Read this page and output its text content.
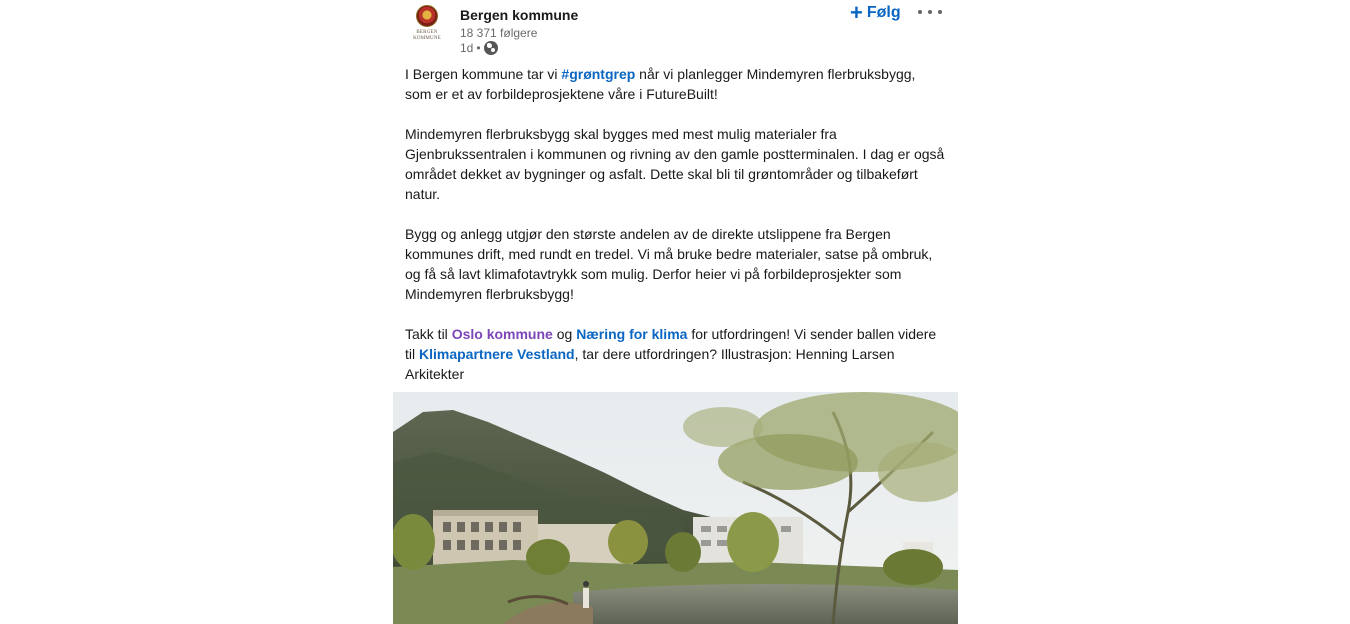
BERGEN
KOMMUNE
Bergen kommune
18 371 følgere
1d •
+ Følg

I Bergen kommune tar vi #grøntgrep når vi planlegger Mindemyren flerbruksbygg, som er et av forbildeprosjektene våre i FutureBuilt!

Mindemyren flerbruksbygg skal bygges med mest mulig materialer fra Gjenbrukssentralen i kommunen og rivning av den gamle postterminalen. I dag er også området dekket av bygninger og asfalt. Dette skal bli til grøntområder og tilbakeført natur.

Bygg og anlegg utgjør den største andelen av de direkte utslippene fra Bergen kommunes drift, med rundt en tredel. Vi må bruke bedre materialer, satse på ombruk, og få så lavt klimafotavtrykk som mulig. Derfor heier vi på forbildeprosjekter som Mindemyren flerbruksbygg!

Takk til Oslo kommune og Næring for klima for utfordringen! Vi sender ballen videre til Klimapartnere Vestland, tar dere utfordringen? Illustrasjon: Henning Larsen Arkitekter
